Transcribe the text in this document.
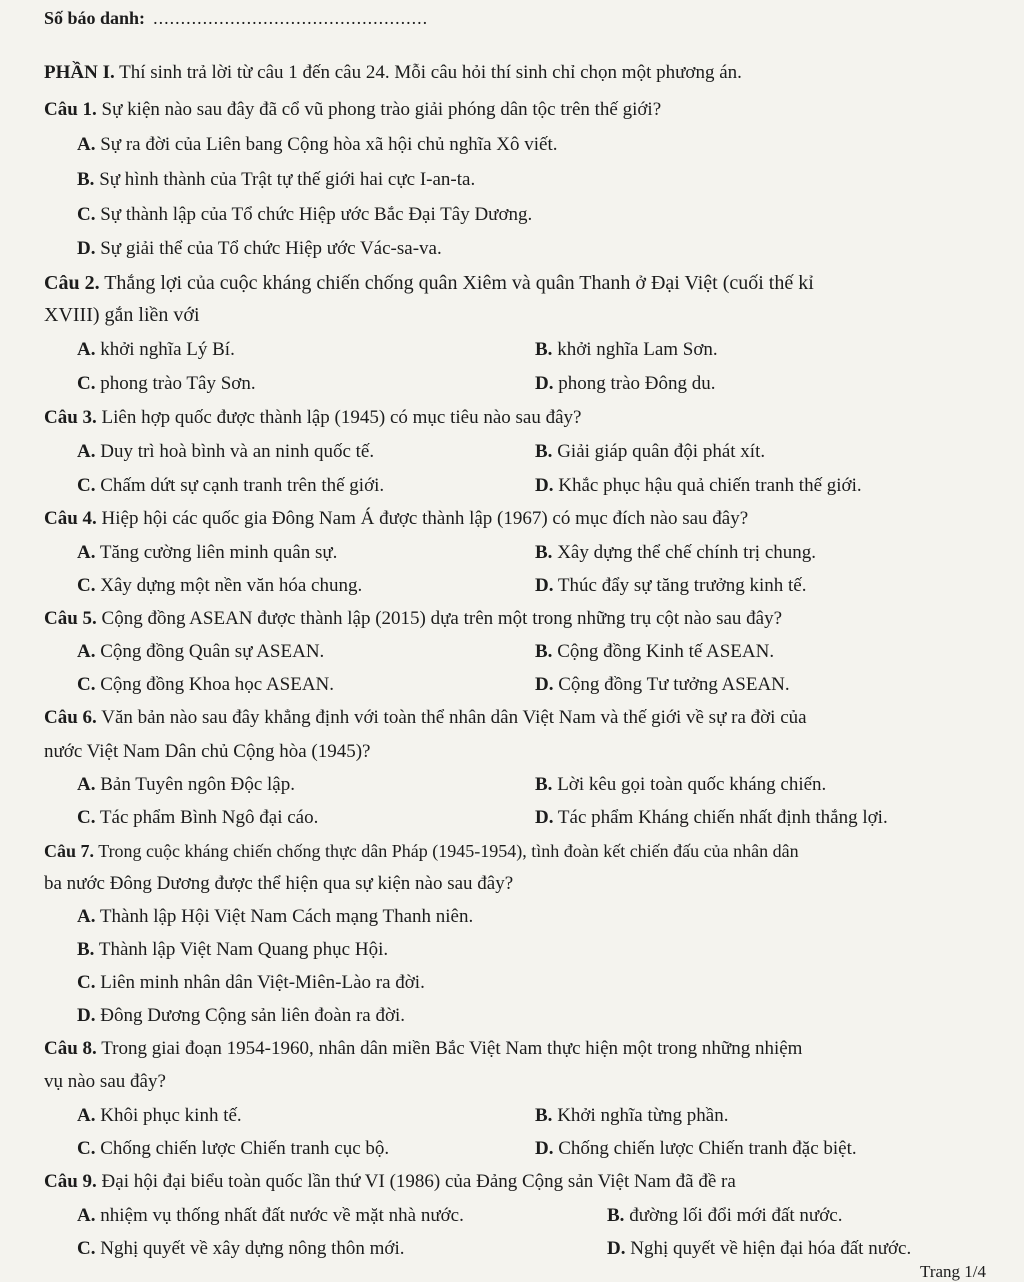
Số báo danh: ..................................................
PHẦN I. Thí sinh trả lời từ câu 1 đến câu 24. Mỗi câu hỏi thí sinh chỉ chọn một phương án.
Câu 1. Sự kiện nào sau đây đã cổ vũ phong trào giải phóng dân tộc trên thế giới?
A. Sự ra đời của Liên bang Cộng hòa xã hội chủ nghĩa Xô viết.
B. Sự hình thành của Trật tự thế giới hai cực I-an-ta.
C. Sự thành lập của Tổ chức Hiệp ước Bắc Đại Tây Dương.
D. Sự giải thể của Tổ chức Hiệp ước Vác-sa-va.
Câu 2. Thắng lợi của cuộc kháng chiến chống quân Xiêm và quân Thanh ở Đại Việt (cuối thế kỉ
XVIII) gắn liền với
A. khởi nghĩa Lý Bí.	B. khởi nghĩa Lam Sơn.
C. phong trào Tây Sơn.	D. phong trào Đông du.
Câu 3. Liên hợp quốc được thành lập (1945) có mục tiêu nào sau đây?
A. Duy trì hoà bình và an ninh quốc tế.	B. Giải giáp quân đội phát xít.
C. Chấm dứt sự cạnh tranh trên thế giới.	D. Khắc phục hậu quả chiến tranh thế giới.
Câu 4. Hiệp hội các quốc gia Đông Nam Á được thành lập (1967) có mục đích nào sau đây?
A. Tăng cường liên minh quân sự.	B. Xây dựng thể chế chính trị chung.
C. Xây dựng một nền văn hóa chung.	D. Thúc đẩy sự tăng trưởng kinh tế.
Câu 5. Cộng đồng ASEAN được thành lập (2015) dựa trên một trong những trụ cột nào sau đây?
A. Cộng đồng Quân sự ASEAN.	B. Cộng đồng Kinh tế ASEAN.
C. Cộng đồng Khoa học ASEAN.	D. Cộng đồng Tư tưởng ASEAN.
Câu 6. Văn bản nào sau đây khẳng định với toàn thể nhân dân Việt Nam và thế giới về sự ra đời của
nước Việt Nam Dân chủ Cộng hòa (1945)?
A. Bản Tuyên ngôn Độc lập.	B. Lời kêu gọi toàn quốc kháng chiến.
C. Tác phẩm Bình Ngô đại cáo.	D. Tác phẩm Kháng chiến nhất định thắng lợi.
Câu 7. Trong cuộc kháng chiến chống thực dân Pháp (1945-1954), tình đoàn kết chiến đấu của nhân dân
ba nước Đông Dương được thể hiện qua sự kiện nào sau đây?
A. Thành lập Hội Việt Nam Cách mạng Thanh niên.
B. Thành lập Việt Nam Quang phục Hội.
C. Liên minh nhân dân Việt-Miên-Lào ra đời.
D. Đông Dương Cộng sản liên đoàn ra đời.
Câu 8. Trong giai đoạn 1954-1960, nhân dân miền Bắc Việt Nam thực hiện một trong những nhiệm
vụ nào sau đây?
A. Khôi phục kinh tế.	B. Khởi nghĩa từng phần.
C. Chống chiến lược Chiến tranh cục bộ.	D. Chống chiến lược Chiến tranh đặc biệt.
Câu 9. Đại hội đại biểu toàn quốc lần thứ VI (1986) của Đảng Cộng sản Việt Nam đã đề ra
A. nhiệm vụ thống nhất đất nước về mặt nhà nước.	B. đường lối đổi mới đất nước.
C. Nghị quyết về xây dựng nông thôn mới.	D. Nghị quyết về hiện đại hóa đất nước.
Trang 1/4
